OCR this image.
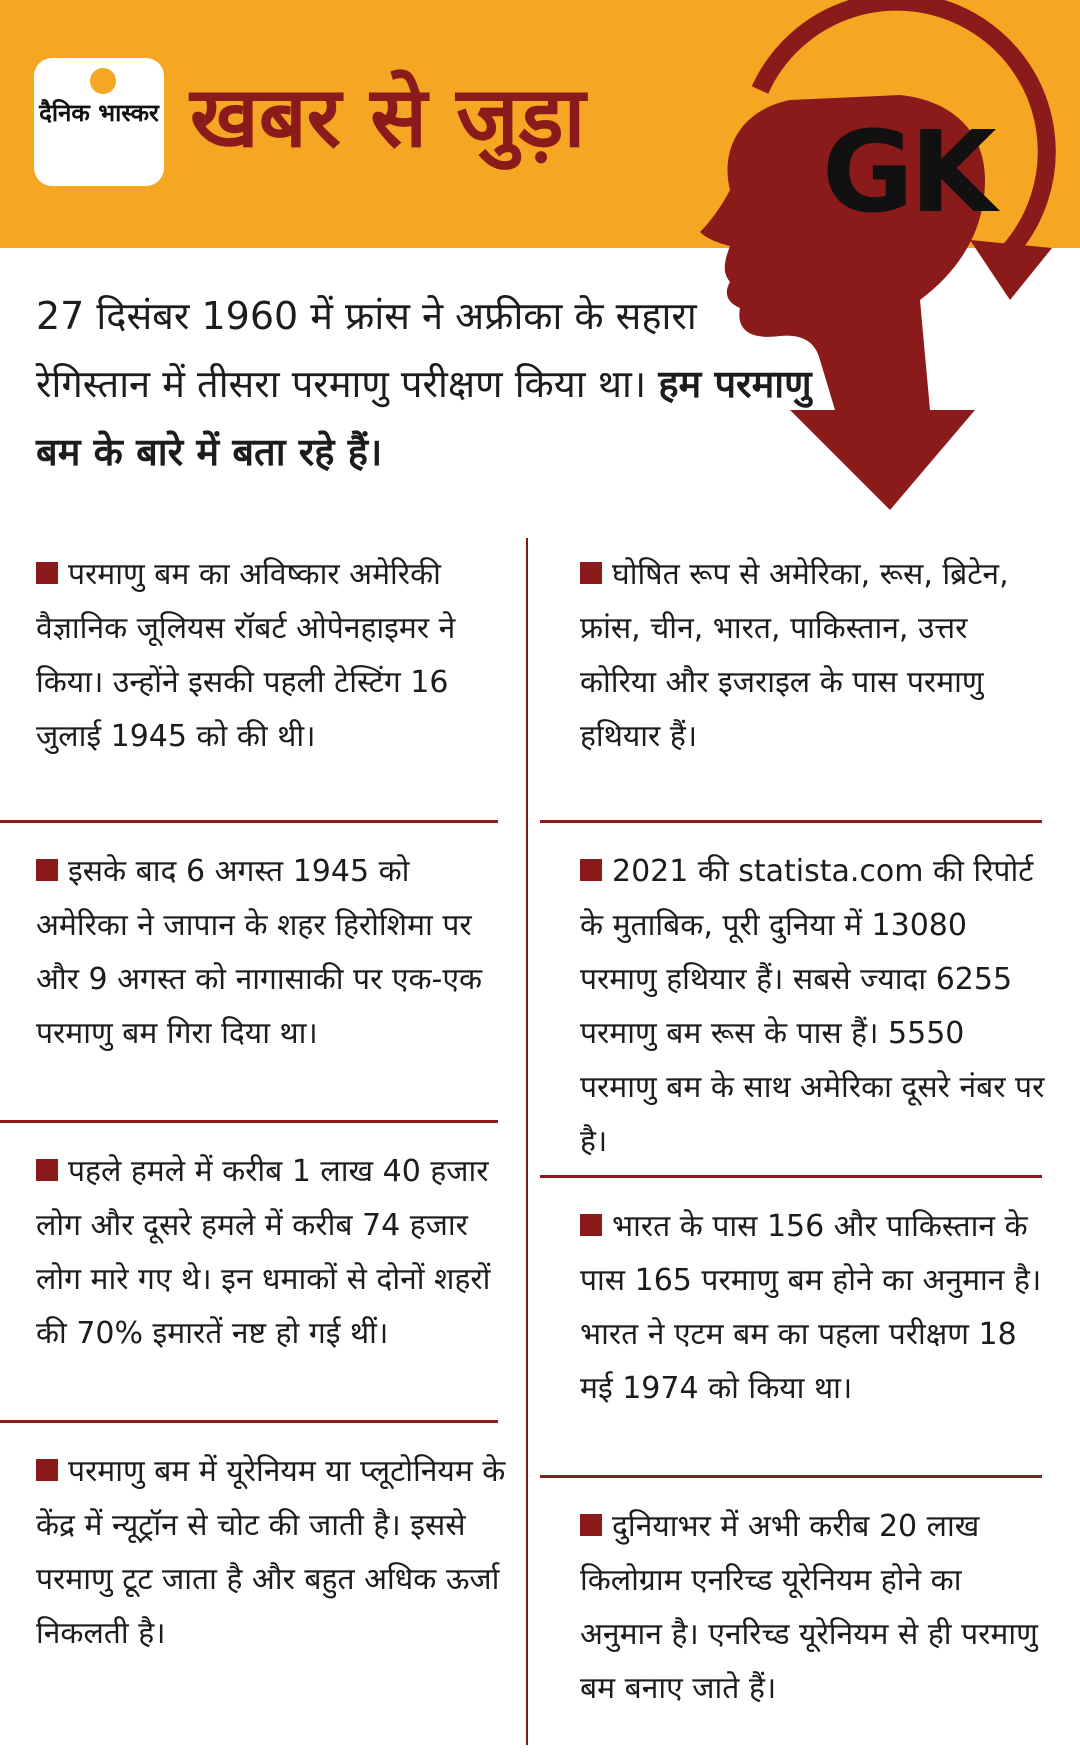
दैनिक भास्कर खबर से जुड़ा GK
27 दिसंबर 1960 में फ्रांस ने अफ्रीका के सहारा रेगिस्तान में तीसरा परमाणु परीक्षण किया था। हम परमाणु बम के बारे में बता रहे हैं।
परमाणु बम का अविष्कार अमेरिकी वैज्ञानिक जूलियस रॉबर्ट ओपेनहाइमर ने किया। उन्होंने इसकी पहली टेस्टिंग 16 जुलाई 1945 को की थी।
इसके बाद 6 अगस्त 1945 को अमेरिका ने जापान के शहर हिरोशिमा पर और 9 अगस्त को नागासाकी पर एक-एक परमाणु बम गिरा दिया था।
पहले हमले में करीब 1 लाख 40 हजार लोग और दूसरे हमले में करीब 74 हजार लोग मारे गए थे। इन धमाकों से दोनों शहरों की 70% इमारतें नष्ट हो गई थीं।
परमाणु बम में यूरेनियम या प्लूटोनियम के केंद्र में न्यूट्रॉन से चोट की जाती है। इससे परमाणु टूट जाता है और बहुत अधिक ऊर्जा निकलती है।
घोषित रूप से अमेरिका, रूस, ब्रिटेन, फ्रांस, चीन, भारत, पाकिस्तान, उत्तर कोरिया और इजराइल के पास परमाणु हथियार हैं।
2021 की statista.com की रिपोर्ट के मुताबिक, पूरी दुनिया में 13080 परमाणु हथियार हैं। सबसे ज्यादा 6255 परमाणु बम रूस के पास हैं। 5550 परमाणु बम के साथ अमेरिका दूसरे नंबर पर है।
भारत के पास 156 और पाकिस्तान के पास 165 परमाणु बम होने का अनुमान है। भारत ने एटम बम का पहला परीक्षण 18 मई 1974 को किया था।
दुनियाभर में अभी करीब 20 लाख किलोग्राम एनरिच्ड यूरेनियम होने का अनुमान है। एनरिच्ड यूरेनियम से ही परमाणु बम बनाए जाते हैं।
